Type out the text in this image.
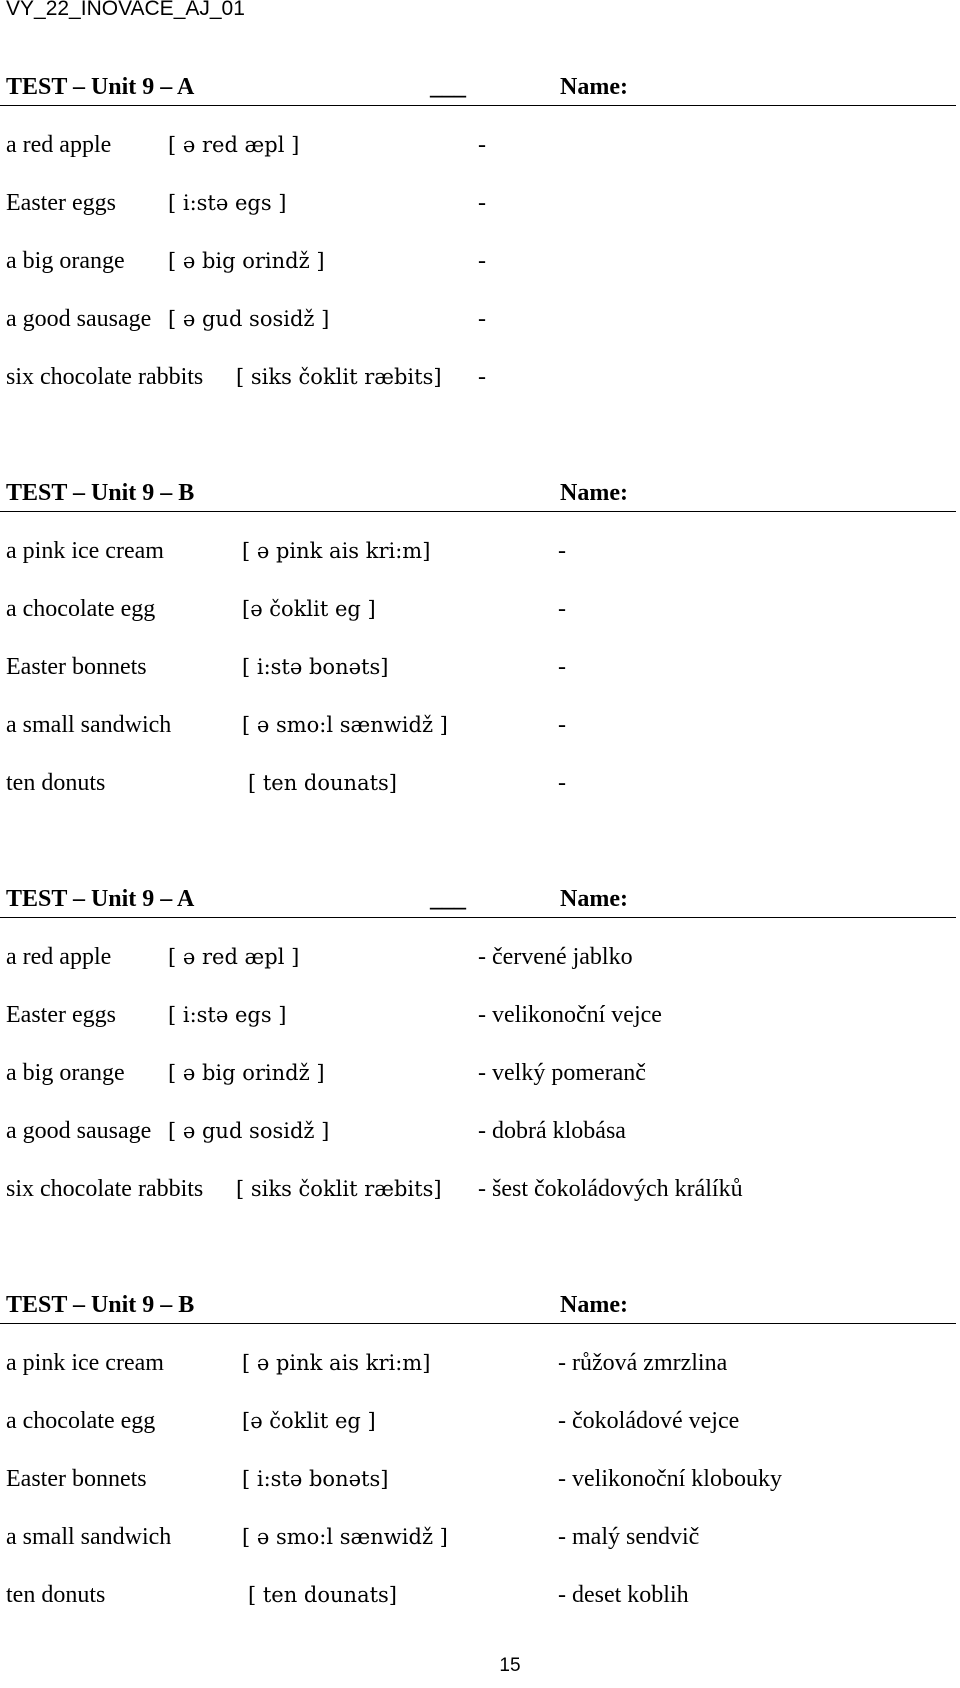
VY_22_INOVACE_AJ_01
TEST – Unit 9 – A	___	Name:
a red apple	[ ə red æpl ]	-
Easter eggs [ i:stə egs ]	-
a big orange [ ə big orindž ]	-
a good sausage [ ə gud sosidž ]	-
six chocolate rabbits [ siks čoklit ræbits] -
TEST – Unit 9 – B	Name:
a pink ice cream	[ ə pink ais kri:m]	-
a chocolate egg	[ə čoklit eg ]	-
Easter bonnets	[ i:stə bonəts]	-
a small sandwich	[ ə smo:l sænwidž ]	-
ten donuts	[ ten dounats]	-
TEST – Unit 9 – A	___	Name:
a red apple	[ ə red æpl ]	- červené jablko
Easter eggs [ i:stə egs ]	- velikonoční vejce
a big orange [ ə big orindž ]	- velký pomeranč
a good sausage [ ə gud sosidž ]	- dobrá klobása
six chocolate rabbits [ siks čoklit ræbits] - šest čokoládových králíků
TEST – Unit 9 – B	Name:
a pink ice cream	[ ə pink ais kri:m]	- růžová zmrzlina
a chocolate egg	[ə čoklit eg ]	- čokoládové vejce
Easter bonnets	[ i:stə bonəts]	- velikonoční klobouky
a small sandwich	[ ə smo:l sænwidž ]	- malý sendvič
ten donuts	[ ten dounats]	- deset koblih
15
